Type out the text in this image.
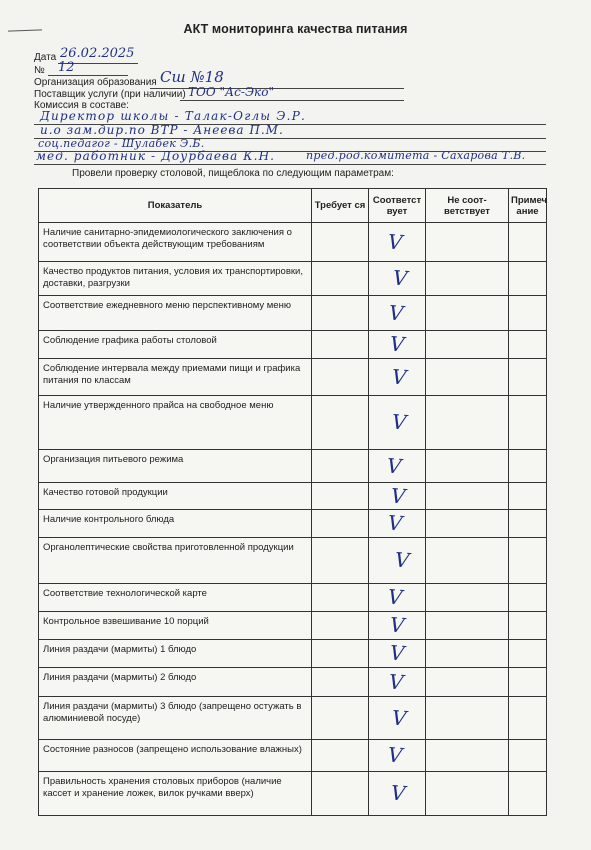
АКТ мониторинга качества питания
Дата 26.02.2025
№ 12
Организация образования Сш №18
Поставщик услуги (при наличии) ТОО "Ас-Эко"
Комиссия в составе:
Директор школы - Талак-Оглы Э.Р.
и.о зам.дир.по ВТР - Анеева П.М.
соц.педагог - Шулабек Э.Б.
мед. работник - Доурбаева К.Н.	пред.род.комитета - Сахарова Т.В.
Провели проверку столовой, пищеблока по следующим параметрам:
Показатель	Требует ся	Соответст вует	Не соот- ветствует	Примеч ание
Наличие санитарно-эпидемиологического заключения о соответствии объекта действующим требованиям		V		
Качество продуктов питания, условия их транспортировки, доставки, разгрузки		V		
Соответствие ежедневного меню перспективному меню		V		
Соблюдение графика работы столовой		V		
Соблюдение интервала между приемами пищи и графика питания по классам		V		
Наличие утвержденного прайса на свободное меню		V		
Организация питьевого режима		V		
Качество готовой продукции		V		
Наличие контрольного блюда		V		
Органолептические свойства приготовленной продукции		V		
Соответствие технологической карте		V		
Контрольное взвешивание 10 порций		V		
Линия раздачи (мармиты) 1 блюдо		V		
Линия раздачи (мармиты) 2 блюдо		V		
Линия раздачи (мармиты) 3 блюдо (запрещено остужать в алюминиевой посуде)		V		
Состояние разносов (запрещено использование влажных)		V		
Правильность хранения столовых приборов (наличие кассет и хранение ложек, вилок ручками вверх)		V		
